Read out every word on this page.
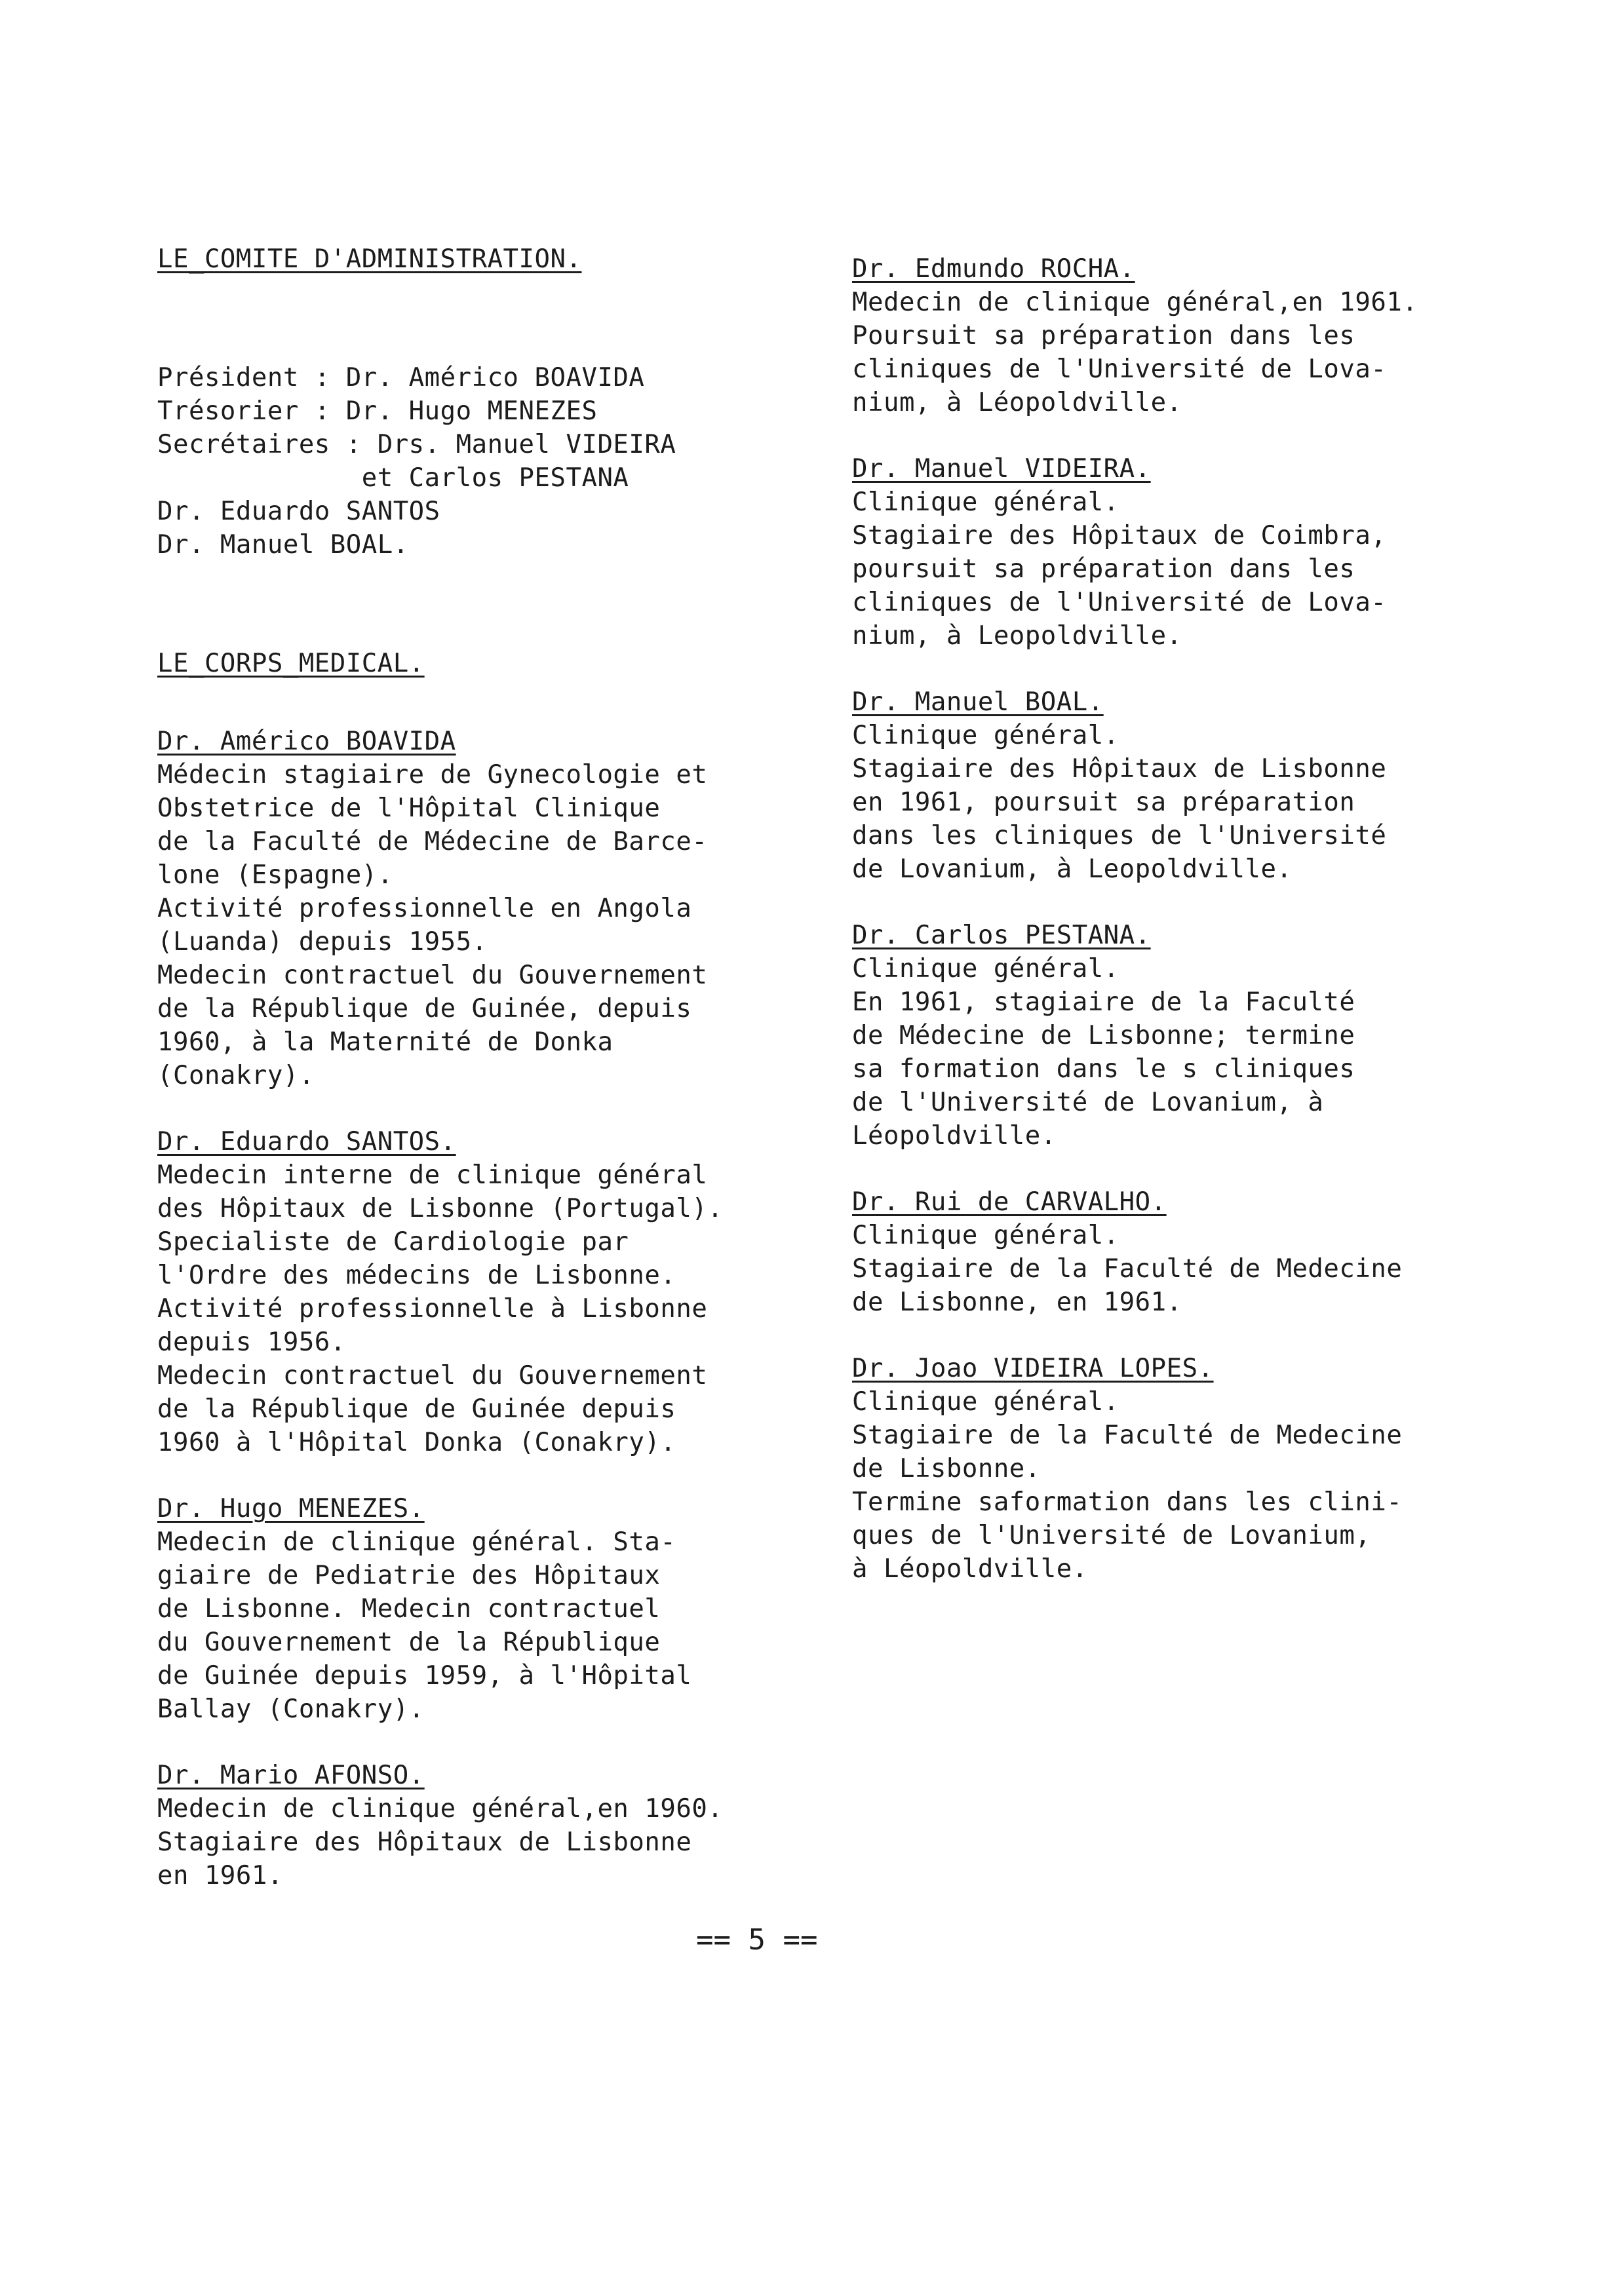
LE_COMITE D'ADMINISTRATION.
Président : Dr. Américo BOAVIDA
Trésorier : Dr. Hugo MENEZES
Secrétaires : Drs. Manuel VIDEIRA
et Carlos PESTANA
Dr. Eduardo SANTOS
Dr. Manuel BOAL.
LE_CORPS_MEDICAL.
Dr. Américo BOAVIDA
Médecin stagiaire de Gynecologie et
Obstetrice de l'Hôpital Clinique
de la Faculté de Médecine de Barce-
lone (Espagne).
Activité professionnelle en Angola
(Luanda) depuis 1955.
Medecin contractuel du Gouvernement
de la République de Guinée, depuis
1960, à la Maternité de Donka
(Conakry).
Dr. Eduardo SANTOS.
Medecin interne de clinique général
des Hôpitaux de Lisbonne (Portugal).
Specialiste de Cardiologie par
l'Ordre des médecins de Lisbonne.
Activité professionnelle à Lisbonne
depuis 1956.
Medecin contractuel du Gouvernement
de la République de Guinée depuis
1960 à l'Hôpital Donka (Conakry).
Dr. Hugo MENEZES.
Medecin de clinique général. Sta-
giaire de Pediatrie des Hôpitaux
de Lisbonne. Medecin contractuel
du Gouvernement de la République
de Guinée depuis 1959, à l'Hôpital
Ballay (Conakry).
Dr. Mario AFONSO.
Medecin de clinique général,en 1960.
Stagiaire des Hôpitaux de Lisbonne
en 1961.
Dr. Edmundo ROCHA.
Medecin de clinique général,en 1961.
Poursuit sa préparation dans les
cliniques de l'Université de Lova-
nium, à Léopoldville.
Dr. Manuel VIDEIRA.
Clinique général.
Stagiaire des Hôpitaux de Coimbra,
poursuit sa préparation dans les
cliniques de l'Université de Lova-
nium, à Leopoldville.
Dr. Manuel BOAL.
Clinique général.
Stagiaire des Hôpitaux de Lisbonne
en 1961, poursuit sa préparation
dans les cliniques de l'Université
de Lovanium, à Leopoldville.
Dr. Carlos PESTANA.
Clinique général.
En 1961, stagiaire de la Faculté
de Médecine de Lisbonne; termine
sa formation dans le s cliniques
de l'Université de Lovanium, à
Léopoldville.
Dr. Rui de CARVALHO.
Clinique général.
Stagiaire de la Faculté de Medecine
de Lisbonne, en 1961.
Dr. Joao VIDEIRA LOPES.
Clinique général.
Stagiaire de la Faculté de Medecine
de Lisbonne.
Termine saformation dans les clini-
ques de l'Université de Lovanium,
à Léopoldville.
== 5 ==
